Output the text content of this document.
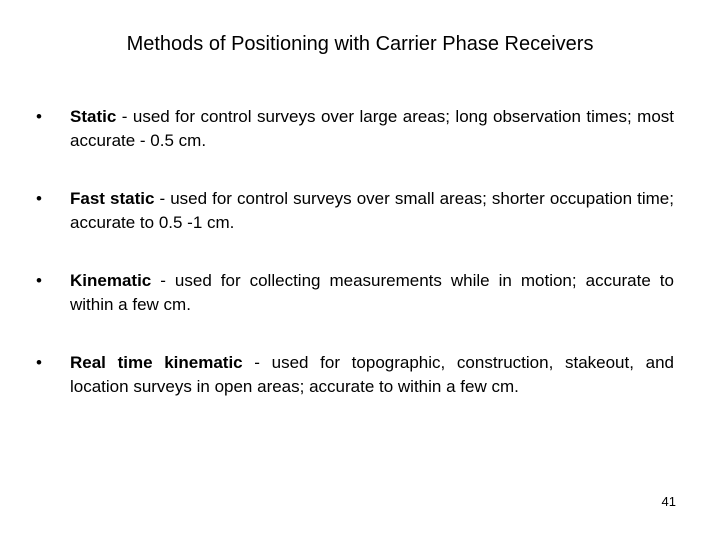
Methods of Positioning with Carrier Phase Receivers
•	Static - used for control surveys over large areas; long observation times; most accurate - 0.5 cm.
•	Fast static - used for control surveys over small areas; shorter occupation time; accurate to 0.5 -1 cm.
•	Kinematic - used for collecting measurements while in motion; accurate to within a few cm.
•	Real time kinematic - used for topographic, construction, stakeout, and location surveys in open areas; accurate to within a few cm.
41
